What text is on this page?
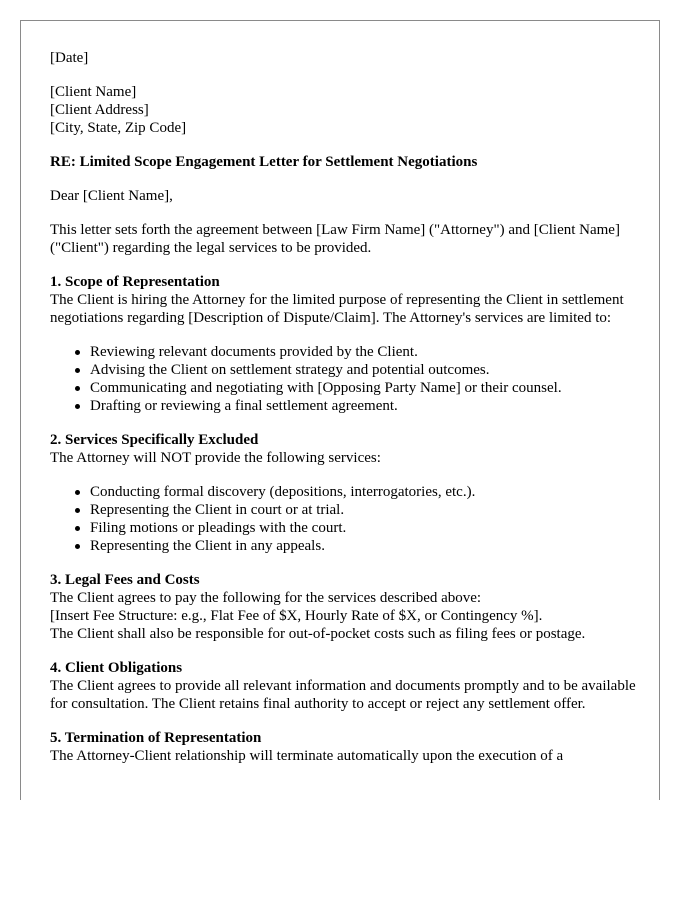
[Date]

[Client Name]
[Client Address]
[City, State, Zip Code]

RE: Limited Scope Engagement Letter for Settlement Negotiations

Dear [Client Name],

This letter sets forth the agreement between [Law Firm Name] ("Attorney") and [Client Name] ("Client") regarding the legal services to be provided.

1. Scope of Representation

The Client is hiring the Attorney for the limited purpose of representing the Client in settlement negotiations regarding [Description of Dispute/Claim]. The Attorney's services are limited to:

Reviewing relevant documents provided by the Client.
Advising the Client on settlement strategy and potential outcomes.
Communicating and negotiating with [Opposing Party Name] or their counsel.
Drafting or reviewing a final settlement agreement.

2. Services Specifically Excluded

The Attorney will NOT provide the following services:

Conducting formal discovery (depositions, interrogatories, etc.).
Representing the Client in court or at trial.
Filing motions or pleadings with the court.
Representing the Client in any appeals.

3. Legal Fees and Costs

The Client agrees to pay the following for the services described above:

[Insert Fee Structure: e.g., Flat Fee of $X, Hourly Rate of $X, or Contingency %].

The Client shall also be responsible for out-of-pocket costs such as filing fees or postage.

4. Client Obligations

The Client agrees to provide all relevant information and documents promptly and to be available for consultation. The Client retains final authority to accept or reject any settlement offer.

5. Termination of Representation

The Attorney-Client relationship will terminate automatically upon the execution of a
